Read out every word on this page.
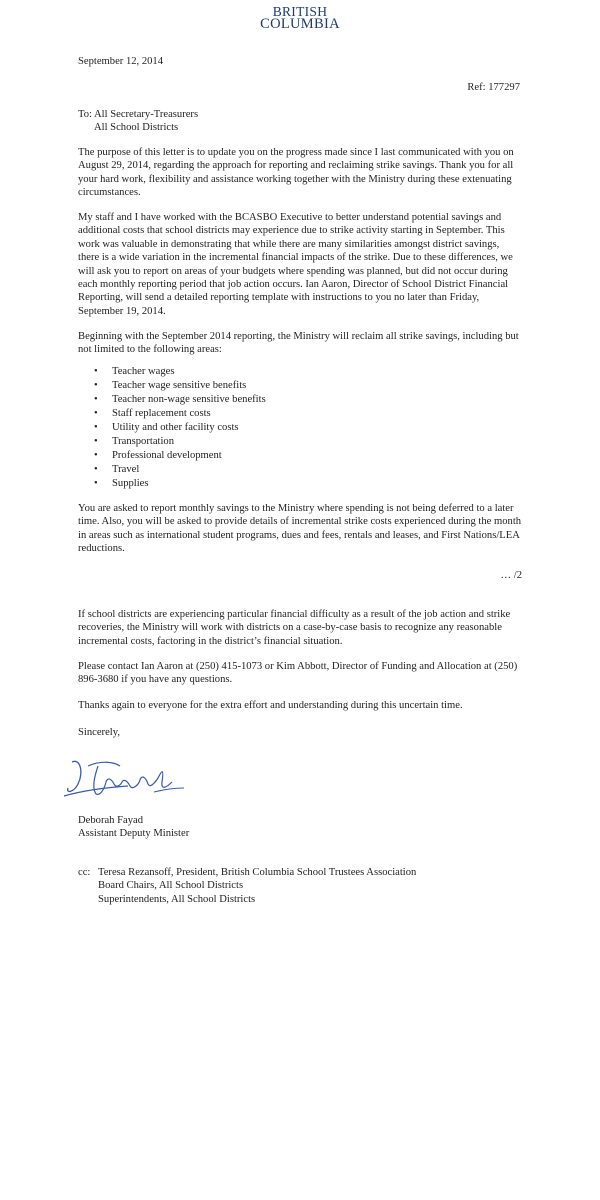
BRITISH
COLUMBIA

September 12, 2014

Ref: 177297

To: All Secretary-Treasurers
All School Districts

The purpose of this letter is to update you on the progress made since I last communicated with you on August 29, 2014, regarding the approach for reporting and reclaiming strike savings. Thank you for all your hard work, flexibility and assistance working together with the Ministry during these extenuating circumstances.

My staff and I have worked with the BCASBO Executive to better understand potential savings and additional costs that school districts may experience due to strike activity starting in September. This work was valuable in demonstrating that while there are many similarities amongst district savings, there is a wide variation in the incremental financial impacts of the strike. Due to these differences, we will ask you to report on areas of your budgets where spending was planned, but did not occur during each monthly reporting period that job action occurs. Ian Aaron, Director of School District Financial Reporting, will send a detailed reporting template with instructions to you no later than Friday, September 19, 2014.

Beginning with the September 2014 reporting, the Ministry will reclaim all strike savings, including but not limited to the following areas:

• Teacher wages
• Teacher wage sensitive benefits
• Teacher non-wage sensitive benefits
• Staff replacement costs
• Utility and other facility costs
• Transportation
• Professional development
• Travel
• Supplies

You are asked to report monthly savings to the Ministry where spending is not being deferred to a later time. Also, you will be asked to provide details of incremental strike costs experienced during the month in areas such as international student programs, dues and fees, rentals and leases, and First Nations/LEA reductions.

… /2

If school districts are experiencing particular financial difficulty as a result of the job action and strike recoveries, the Ministry will work with districts on a case-by-case basis to recognize any reasonable incremental costs, factoring in the district’s financial situation.

Please contact Ian Aaron at (250) 415-1073 or Kim Abbott, Director of Funding and Allocation at (250) 896-3680 if you have any questions.

Thanks again to everyone for the extra effort and understanding during this uncertain time.

Sincerely,

Deborah Fayad
Assistant Deputy Minister
cc: Teresa Rezansoff, President, British Columbia School Trustees Association
Board Chairs, All School Districts
Superintendents, All School Districts
